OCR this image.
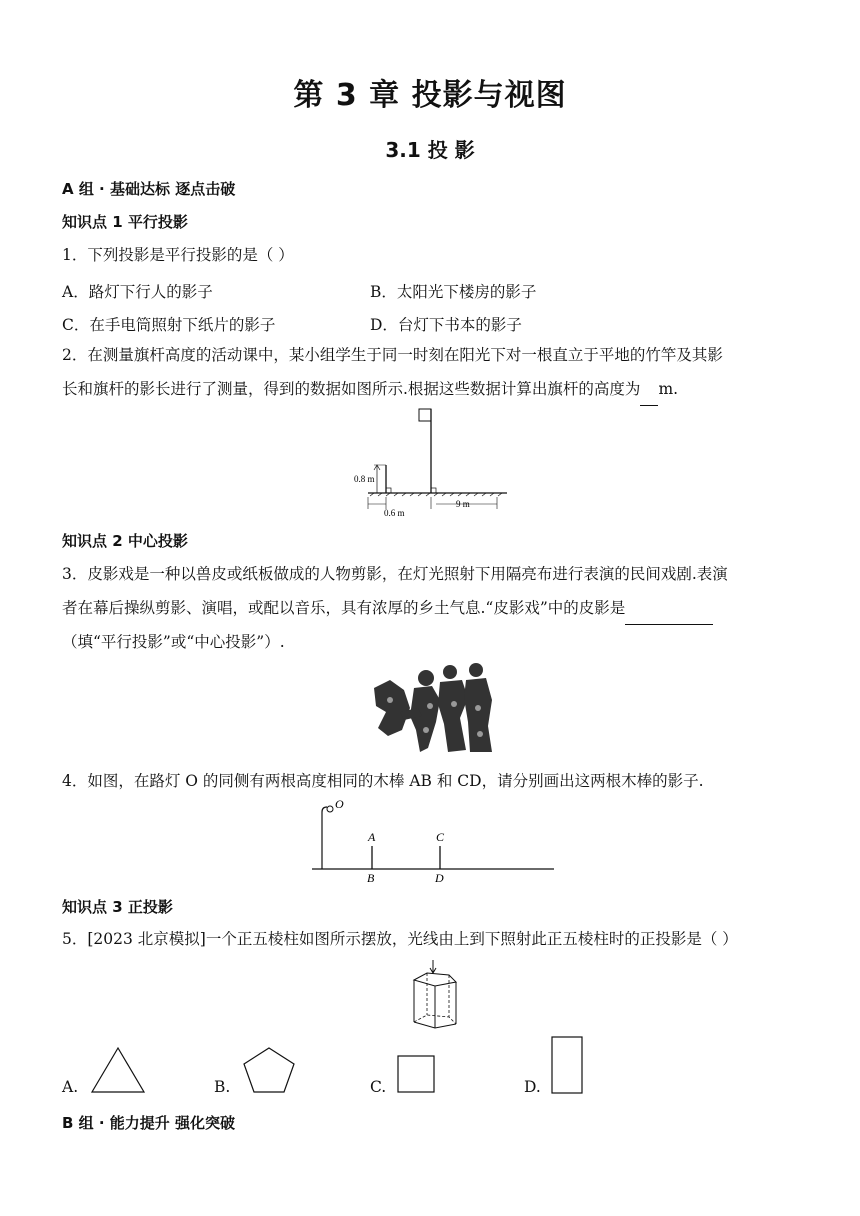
第 3 章 投影与视图
3.1 投 影
A 组 · 基础达标 逐点击破
知识点 1 平行投影
1．下列投影是平行投影的是（ ）
A．路灯下行人的影子	B．太阳光下楼房的影子
C．在手电筒照射下纸片的影子	D．台灯下书本的影子
2．在测量旗杆高度的活动课中，某小组学生于同一时刻在阳光下对一根直立于平地的竹竿及其影
长和旗杆的影长进行了测量，得到的数据如图所示.根据这些数据计算出旗杆的高度为 m.
0.8 m
0.6 m
9 m
知识点 2 中心投影
3．皮影戏是一种以兽皮或纸板做成的人物剪影，在灯光照射下用隔亮布进行表演的民间戏剧.表演
者在幕后操纵剪影、演唱，或配以音乐，具有浓厚的乡土气息.“皮影戏”中的皮影是
（填“平行投影”或“中心投影”）.
4．如图，在路灯 O 的同侧有两根高度相同的木棒 AB 和 CD，请分别画出这两根木棒的影子.
O
A
B
C
D
知识点 3 正投影
5．[2023 北京模拟]一个正五棱柱如图所示摆放，光线由上到下照射此正五棱柱时的正投影是（ ）
A.	B.	C.	D.
B 组 · 能力提升 强化突破
